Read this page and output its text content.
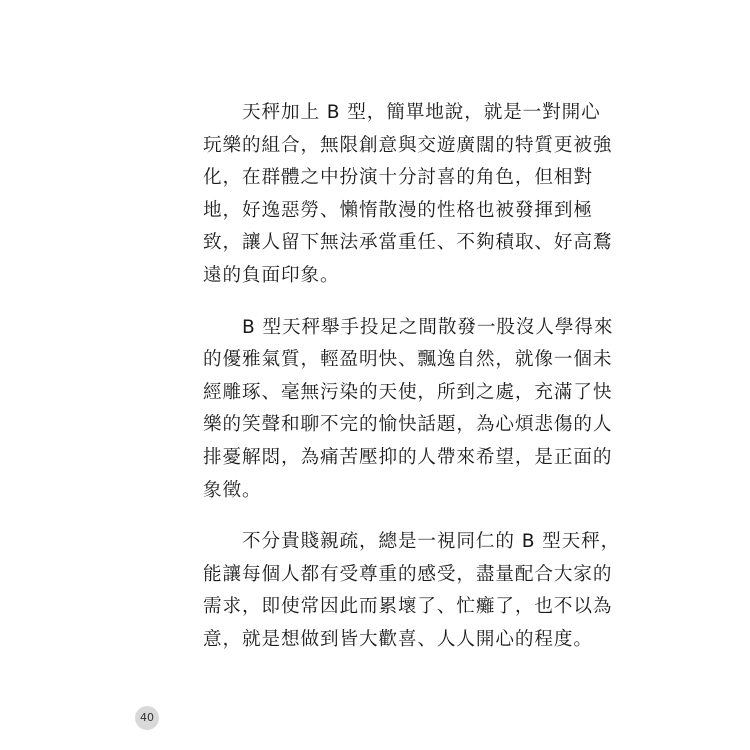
　　天秤加上 B 型，簡單地說，就是一對開心
玩樂的組合，無限創意與交遊廣闊的特質更被強
化，在群體之中扮演十分討喜的角色，但相對
地，好逸惡勞、懶惰散漫的性格也被發揮到極
致，讓人留下無法承當重任、不夠積取、好高鶩
遠的負面印象。

　　B 型天秤舉手投足之間散發一股沒人學得來
的優雅氣質，輕盈明快、飄逸自然，就像一個未
經雕琢、毫無污染的天使，所到之處，充滿了快
樂的笑聲和聊不完的愉快話題，為心煩悲傷的人
排憂解悶，為痛苦壓抑的人帶來希望，是正面的
象徵。

　　不分貴賤親疏，總是一視同仁的 B 型天秤，
能讓每個人都有受尊重的感受，盡量配合大家的
需求，即使常因此而累壞了、忙癱了，也不以為
意，就是想做到皆大歡喜、人人開心的程度。

40
